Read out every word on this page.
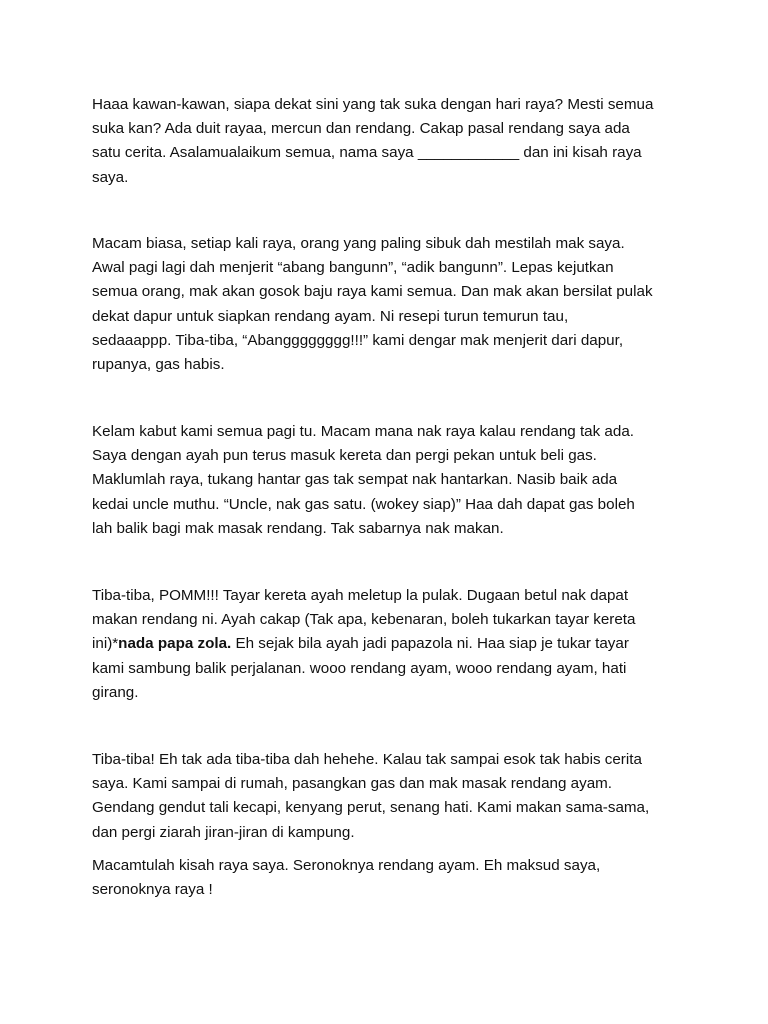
Haaa kawan-kawan, siapa dekat sini yang tak suka dengan hari raya? Mesti semua

suka kan? Ada duit rayaa, mercun dan rendang. Cakap pasal rendang saya ada

satu cerita. Asalamualaikum semua, nama saya ____________ dan ini kisah raya

saya.

Macam biasa, setiap kali raya, orang yang paling sibuk dah mestilah mak saya.

Awal pagi lagi dah menjerit “abang bangunn”, “adik bangunn”. Lepas kejutkan

semua orang, mak akan gosok baju raya kami semua. Dan mak akan bersilat pulak

dekat dapur untuk siapkan rendang ayam. Ni resepi turun temurun tau,

sedaaappp. Tiba-tiba, “Abangggggggg!!!” kami dengar mak menjerit dari dapur,

rupanya, gas habis.

Kelam kabut kami semua pagi tu. Macam mana nak raya kalau rendang tak ada.

Saya dengan ayah pun terus masuk kereta dan pergi pekan untuk beli gas.

Maklumlah raya, tukang hantar gas tak sempat nak hantarkan. Nasib baik ada

kedai uncle muthu. “Uncle, nak gas satu. (wokey siap)” Haa dah dapat gas boleh

lah balik bagi mak masak rendang. Tak sabarnya nak makan.

Tiba-tiba, POMM!!! Tayar kereta ayah meletup la pulak. Dugaan betul nak dapat

makan rendang ni. Ayah cakap (Tak apa, kebenaran, boleh tukarkan tayar kereta

ini)*nada papa zola. Eh sejak bila ayah jadi papazola ni. Haa siap je tukar tayar

kami sambung balik perjalanan. wooo rendang ayam, wooo rendang ayam, hati

girang.

Tiba-tiba! Eh tak ada tiba-tiba dah hehehe. Kalau tak sampai esok tak habis cerita

saya. Kami sampai di rumah, pasangkan gas dan mak masak rendang ayam.

Gendang gendut tali kecapi, kenyang perut, senang hati. Kami makan sama-sama,

dan pergi ziarah jiran-jiran di kampung.

Macamtulah kisah raya saya. Seronoknya rendang ayam. Eh maksud saya,

seronoknya raya !
